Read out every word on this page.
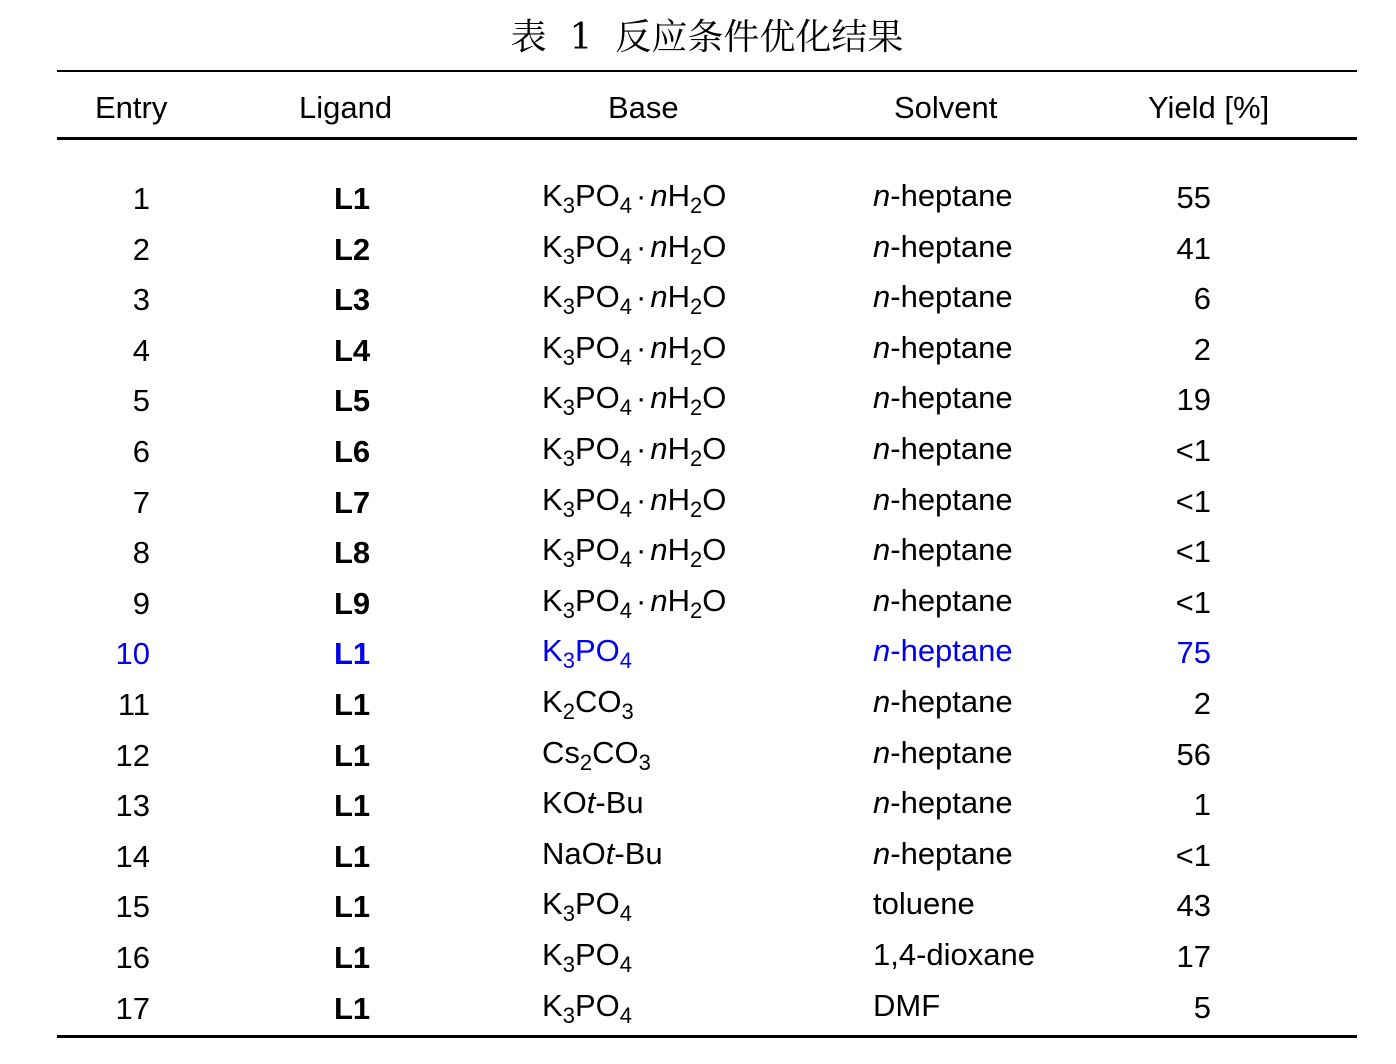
表  1  反应条件优化结果
Entry	Ligand	Base	Solvent	Yield [%]
1	L1	$K_3PO_4 \cdot nH_2O$	n-heptane	55
2	L2	$K_3PO_4 \cdot nH_2O$	n-heptane	41
3	L3	$K_3PO_4 \cdot nH_2O$	n-heptane	6
4	L4	$K_3PO_4 \cdot nH_2O$	n-heptane	2
5	L5	$K_3PO_4 \cdot nH_2O$	n-heptane	19
6	L6	$K_3PO_4 \cdot nH_2O$	n-heptane	<1
7	L7	$K_3PO_4 \cdot nH_2O$	n-heptane	<1
8	L8	$K_3PO_4 \cdot nH_2O$	n-heptane	<1
9	L9	$K_3PO_4 \cdot nH_2O$	n-heptane	<1
10	L1	$K_3PO_4$	n-heptane	75
11	L1	$K_2CO_3$	n-heptane	2
12	L1	$Cs_2CO_3$	n-heptane	56
13	L1	KOt-Bu	n-heptane	1
14	L1	NaOt-Bu	n-heptane	<1
15	L1	$K_3PO_4$	toluene	43
16	L1	$K_3PO_4$	1,4-dioxane	17
17	L1	$K_3PO_4$	DMF	5
